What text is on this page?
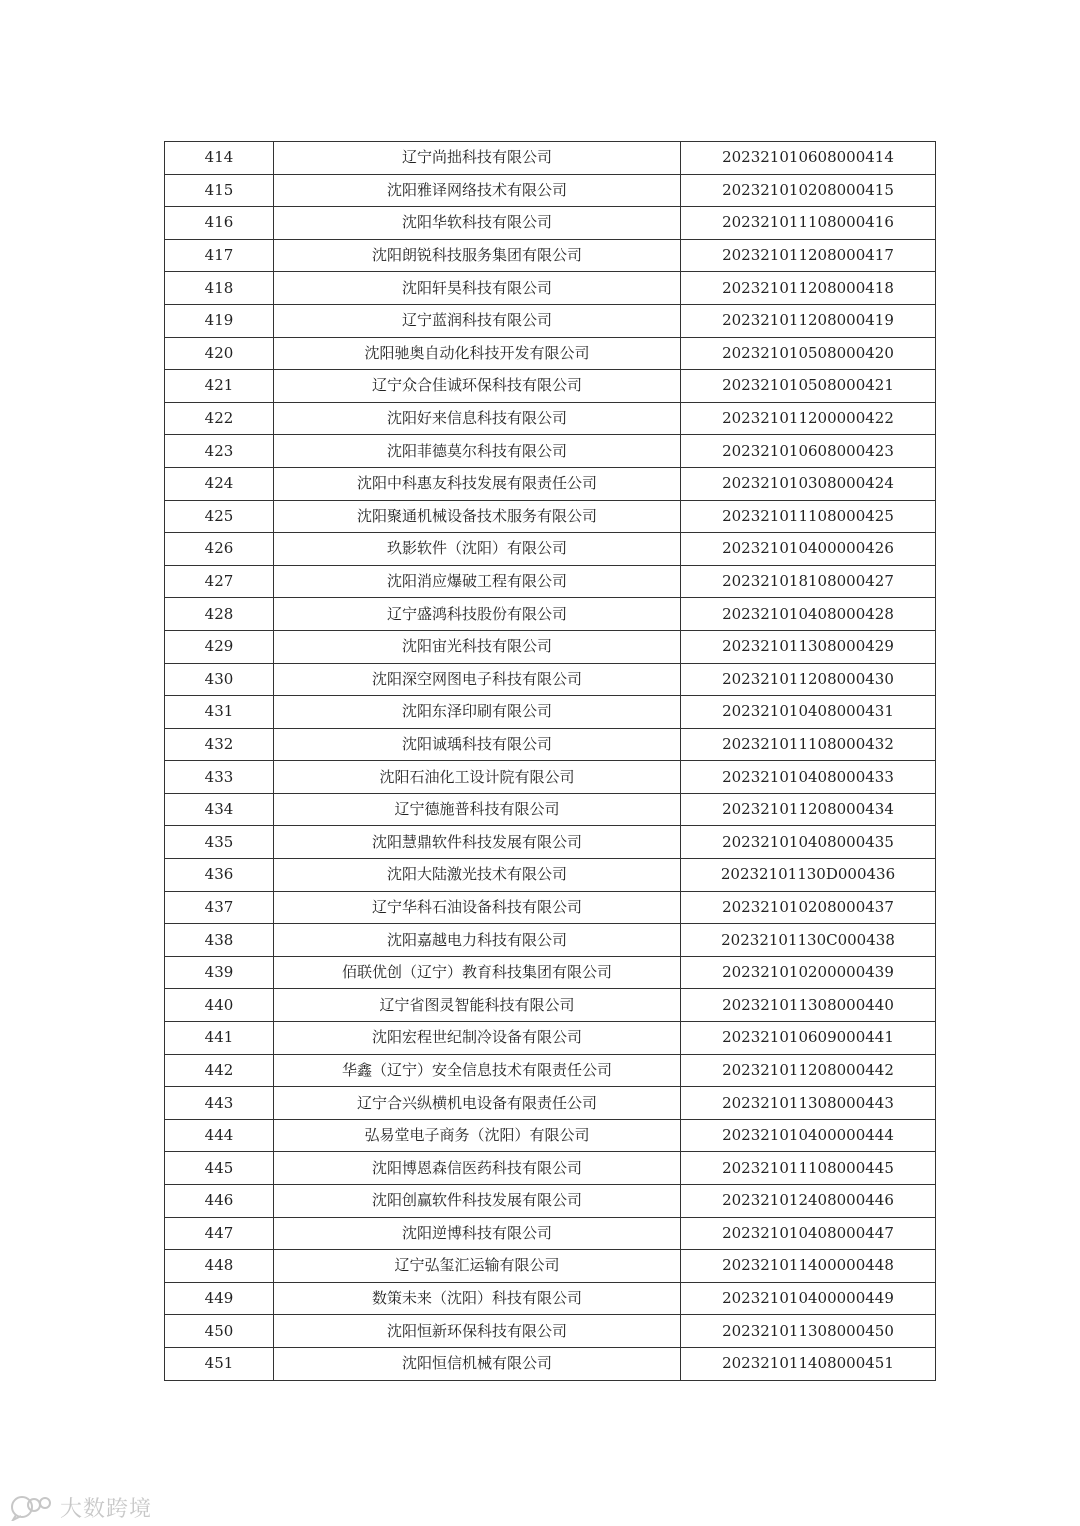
414	辽宁尚拙科技有限公司	202321010608000414
415	沈阳雅译网络技术有限公司	202321010208000415
416	沈阳华软科技有限公司	202321011108000416
417	沈阳朗锐科技服务集团有限公司	202321011208000417
418	沈阳轩昊科技有限公司	202321011208000418
419	辽宁蓝润科技有限公司	202321011208000419
420	沈阳驰奥自动化科技开发有限公司	202321010508000420
421	辽宁众合佳诚环保科技有限公司	202321010508000421
422	沈阳好来信息科技有限公司	202321011200000422
423	沈阳菲德莫尔科技有限公司	202321010608000423
424	沈阳中科惠友科技发展有限责任公司	202321010308000424
425	沈阳聚通机械设备技术服务有限公司	202321011108000425
426	玖影软件（沈阳）有限公司	202321010400000426
427	沈阳消应爆破工程有限公司	202321018108000427
428	辽宁盛鸿科技股份有限公司	202321010408000428
429	沈阳宙光科技有限公司	202321011308000429
430	沈阳深空网图电子科技有限公司	202321011208000430
431	沈阳东泽印刷有限公司	202321010408000431
432	沈阳诚瑀科技有限公司	202321011108000432
433	沈阳石油化工设计院有限公司	202321010408000433
434	辽宁德施普科技有限公司	202321011208000434
435	沈阳慧鼎软件科技发展有限公司	202321010408000435
436	沈阳大陆激光技术有限公司	20232101130D000436
437	辽宁华科石油设备科技有限公司	202321010208000437
438	沈阳嘉越电力科技有限公司	20232101130C000438
439	佰联优创（辽宁）教育科技集团有限公司	202321010200000439
440	辽宁省图灵智能科技有限公司	202321011308000440
441	沈阳宏程世纪制冷设备有限公司	202321010609000441
442	华鑫（辽宁）安全信息技术有限责任公司	202321011208000442
443	辽宁合兴纵横机电设备有限责任公司	202321011308000443
444	弘易堂电子商务（沈阳）有限公司	202321010400000444
445	沈阳博恩森信医药科技有限公司	202321011108000445
446	沈阳创赢软件科技发展有限公司	202321012408000446
447	沈阳逆博科技有限公司	202321010408000447
448	辽宁弘玺汇运输有限公司	202321011400000448
449	数策未来（沈阳）科技有限公司	202321010400000449
450	沈阳恒新环保科技有限公司	202321011308000450
451	沈阳恒信机械有限公司	202321011408000451
大数跨境
